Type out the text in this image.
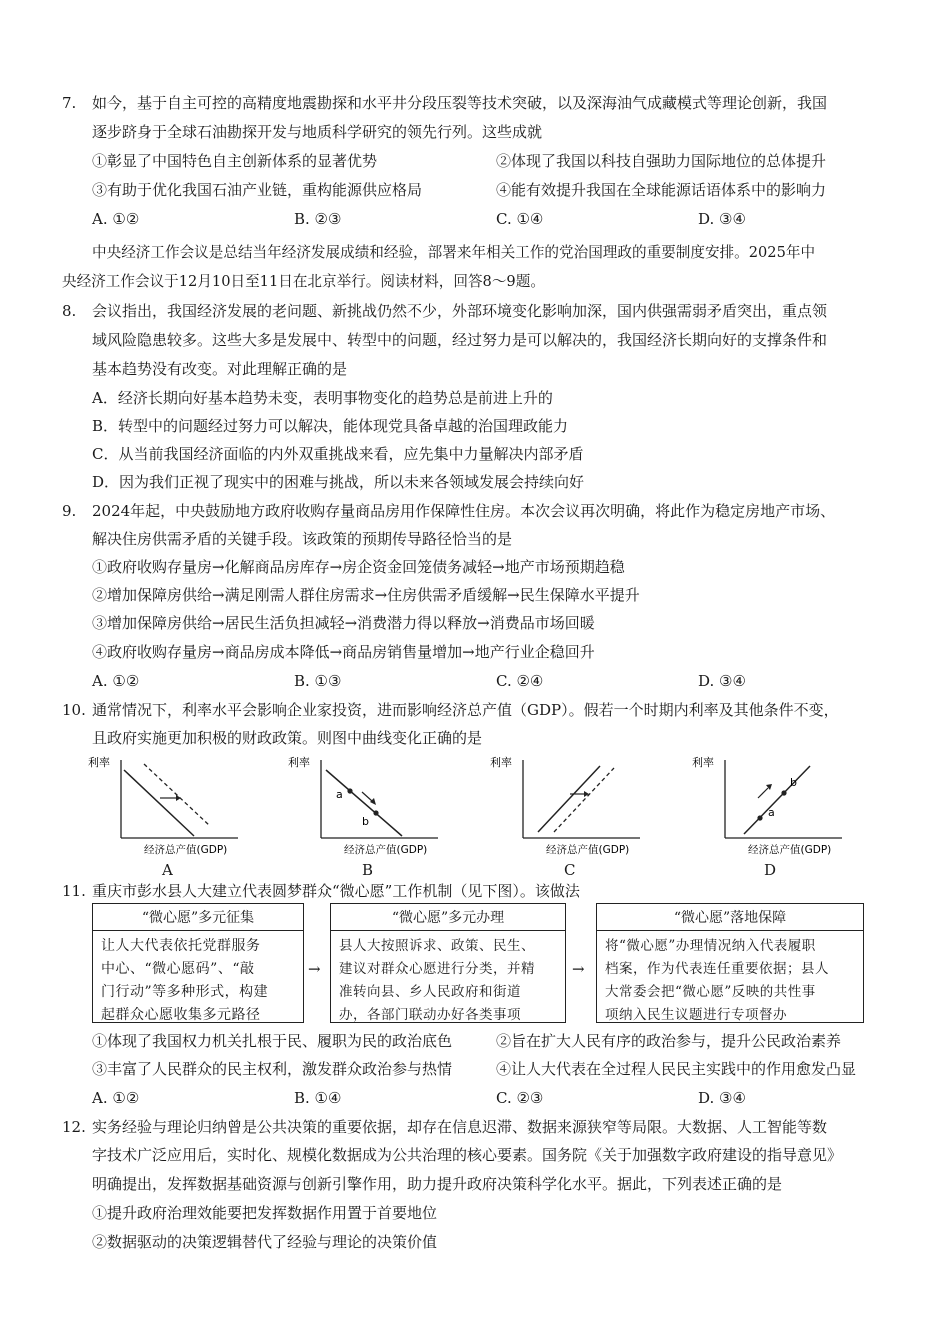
7. 如今，基于自主可控的高精度地震勘探和水平井分段压裂等技术突破，以及深海油气成藏模式等理论创新，我国
逐步跻身于全球石油勘探开发与地质科学研究的领先行列。这些成就
①彰显了中国特色自主创新体系的显著优势	②体现了我国以科技自强助力国际地位的总体提升
③有助于优化我国石油产业链，重构能源供应格局	④能有效提升我国在全球能源话语体系中的影响力
A. ①②	B. ②③	C. ①④	D. ③④
中央经济工作会议是总结当年经济发展成绩和经验，部署来年相关工作的党治国理政的重要制度安排。2025年中
央经济工作会议于12月10日至11日在北京举行。阅读材料，回答8～9题。
8. 会议指出，我国经济发展的老问题、新挑战仍然不少，外部环境变化影响加深，国内供强需弱矛盾突出，重点领
域风险隐患较多。这些大多是发展中、转型中的问题，经过努力是可以解决的，我国经济长期向好的支撑条件和
基本趋势没有改变。对此理解正确的是
A．经济长期向好基本趋势未变，表明事物变化的趋势总是前进上升的
B．转型中的问题经过努力可以解决，能体现党具备卓越的治国理政能力
C．从当前我国经济面临的内外双重挑战来看，应先集中力量解决内部矛盾
D．因为我们正视了现实中的困难与挑战，所以未来各领域发展会持续向好
9. 2024年起，中央鼓励地方政府收购存量商品房用作保障性住房。本次会议再次明确，将此作为稳定房地产市场、
解决住房供需矛盾的关键手段。该政策的预期传导路径恰当的是
①政府收购存量房→化解商品房库存→房企资金回笼债务减轻→地产市场预期趋稳
②增加保障房供给→满足刚需人群住房需求→住房供需矛盾缓解→民生保障水平提升
③增加保障房供给→居民生活负担减轻→消费潜力得以释放→消费品市场回暖
④政府收购存量房→商品房成本降低→商品房销售量增加→地产行业企稳回升
A. ①②	B. ①③	C. ②④	D. ③④
10. 通常情况下，利率水平会影响企业家投资，进而影响经济总产值（GDP）。假若一个时期内利率及其他条件不变，
且政府实施更加积极的财政政策。则图中曲线变化正确的是
利率
经济总产值(GDP)
A
利率
a
b
经济总产值(GDP)
B
利率
经济总产值(GDP)
C
利率
a
b
经济总产值(GDP)
D
11. 重庆市彭水县人大建立代表圆梦群众“微心愿”工作机制（见下图）。该做法
“微心愿”多元征集
让人大代表依托党群服务
中心、“微心愿码”、“敲
门行动”等多种形式，构建
起群众心愿收集多元路径
→
“微心愿”多元办理
县人大按照诉求、政策、民生、
建议对群众心愿进行分类，并精
准转向县、乡人民政府和街道
办，各部门联动办好各类事项
→
“微心愿”落地保障
将“微心愿”办理情况纳入代表履职
档案，作为代表连任重要依据；县人
大常委会把“微心愿”反映的共性事
项纳入民生议题进行专项督办
①体现了我国权力机关扎根于民、履职为民的政治底色	②旨在扩大人民有序的政治参与，提升公民政治素养
③丰富了人民群众的民主权利，激发群众政治参与热情	④让人大代表在全过程人民民主实践中的作用愈发凸显
A. ①②	B. ①④	C. ②③	D. ③④
12. 实务经验与理论归纳曾是公共决策的重要依据，却存在信息迟滞、数据来源狭窄等局限。大数据、人工智能等数
字技术广泛应用后，实时化、规模化数据成为公共治理的核心要素。国务院《关于加强数字政府建设的指导意见》
明确提出，发挥数据基础资源与创新引擎作用，助力提升政府决策科学化水平。据此，下列表述正确的是
①提升政府治理效能要把发挥数据作用置于首要地位
②数据驱动的决策逻辑替代了经验与理论的决策价值
